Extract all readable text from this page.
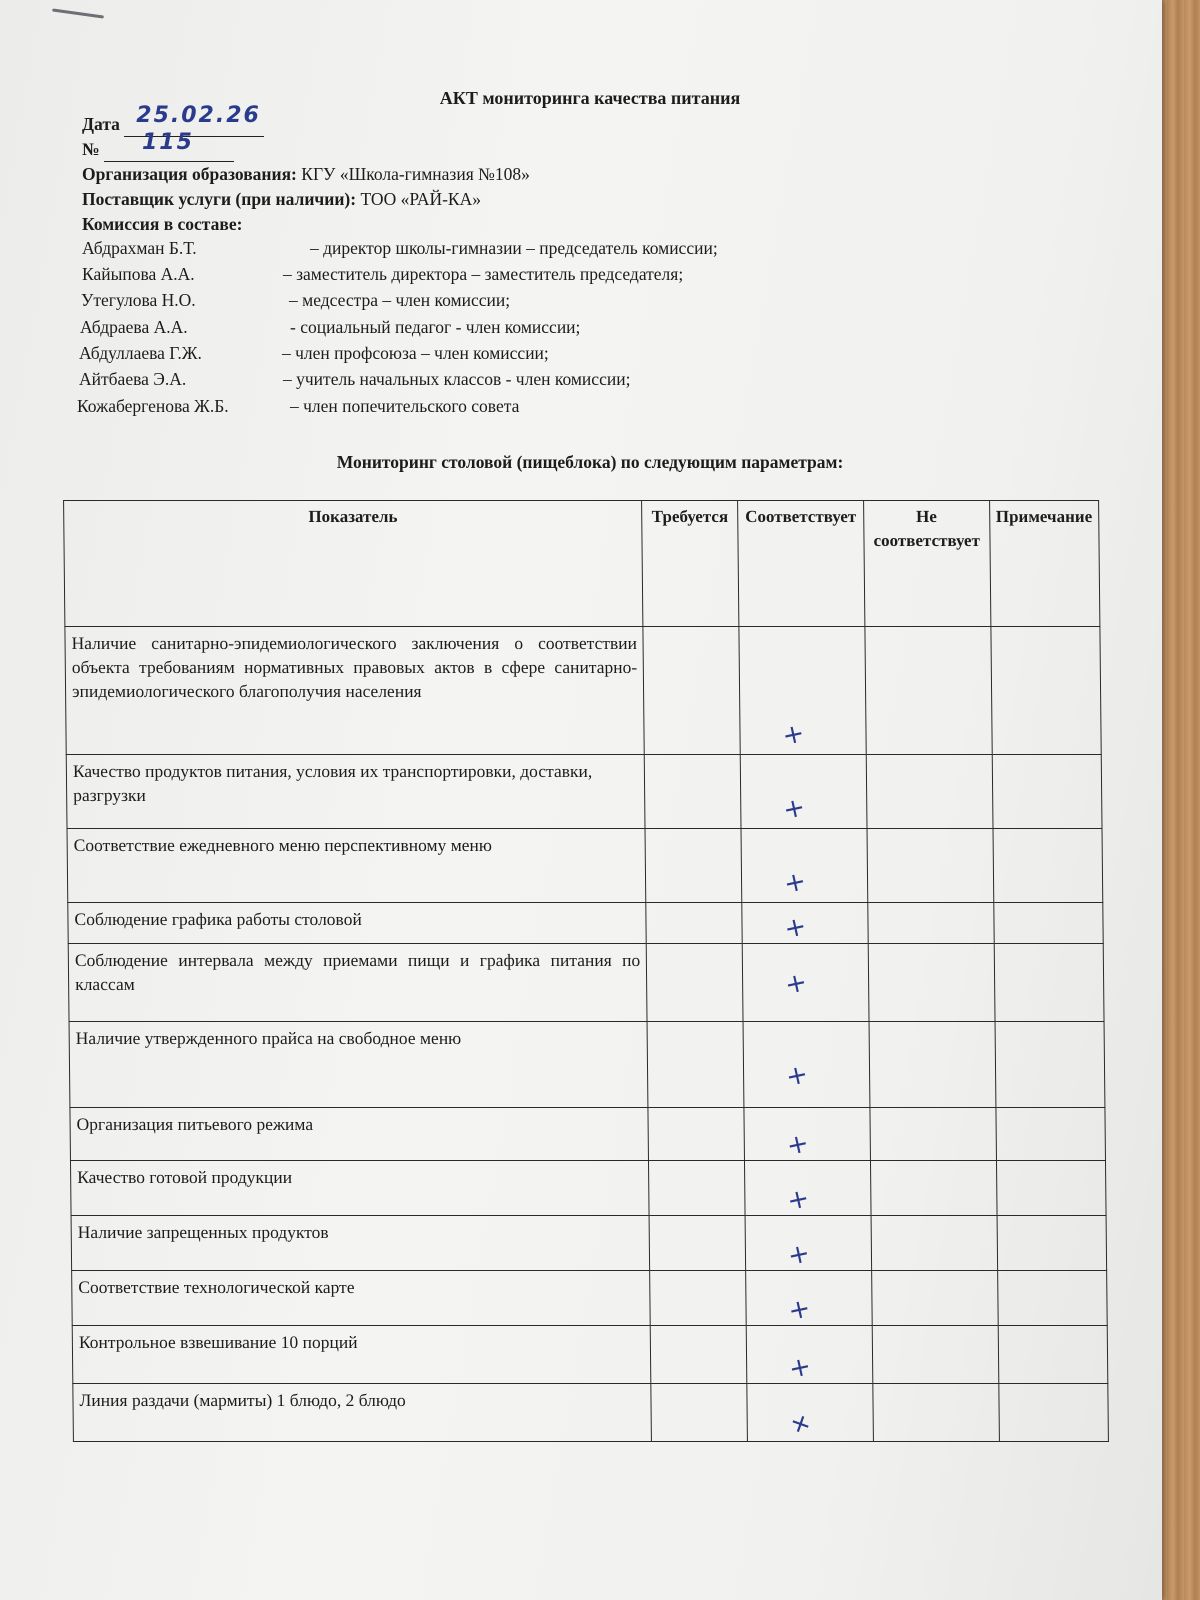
АКТ мониторинга качества питания
Дата 25.02.26

№ 115

Организация образования: КГУ «Школа-гимназия №108»
Поставщик услуги (при наличии): ТОО «РАЙ-КА»
Комиссия в составе:
Абдрахман Б.Т.	– директор школы-гимназии – председатель комиссии;
Кайыпова А.А.	– заместитель директора – заместитель председателя;
Утегулова Н.О.	– медсестра – член комиссии;
Абдраева А.А.	- социальный педагог - член комиссии;
Абдуллаева Г.Ж.	– член профсоюза – член комиссии;
Айтбаева Э.А.	– учитель начальных классов - член комиссии;
Кожабергенова Ж.Б.	– член попечительского совета
Мониторинг столовой (пищеблока) по следующим параметрам:
Показатель	Требуется	Соответствует	Не соответствует	Примечание
Наличие санитарно-эпидемиологического заключения о соответствии объекта требованиям нормативных правовых актов в сфере санитарно-эпидемиологического благополучия населения		+		

Качество продуктов питания, условия их транспортировки, доставки, разгрузки		+		

Соответствие ежедневного меню перспективному меню		+		

Соблюдение графика работы столовой		+		

Соблюдение интервала между приемами пищи и графика питания по классам		+		

Наличие утвержденного прайса на свободное меню		+		

Организация питьевого режима		+		

Качество готовой продукции		+		

Наличие запрещенных продуктов		+		

Соответствие технологической карте		+		

Контрольное взвешивание 10 порций		+		

Линия раздачи (мармиты) 1 блюдо, 2 блюдо		+		
